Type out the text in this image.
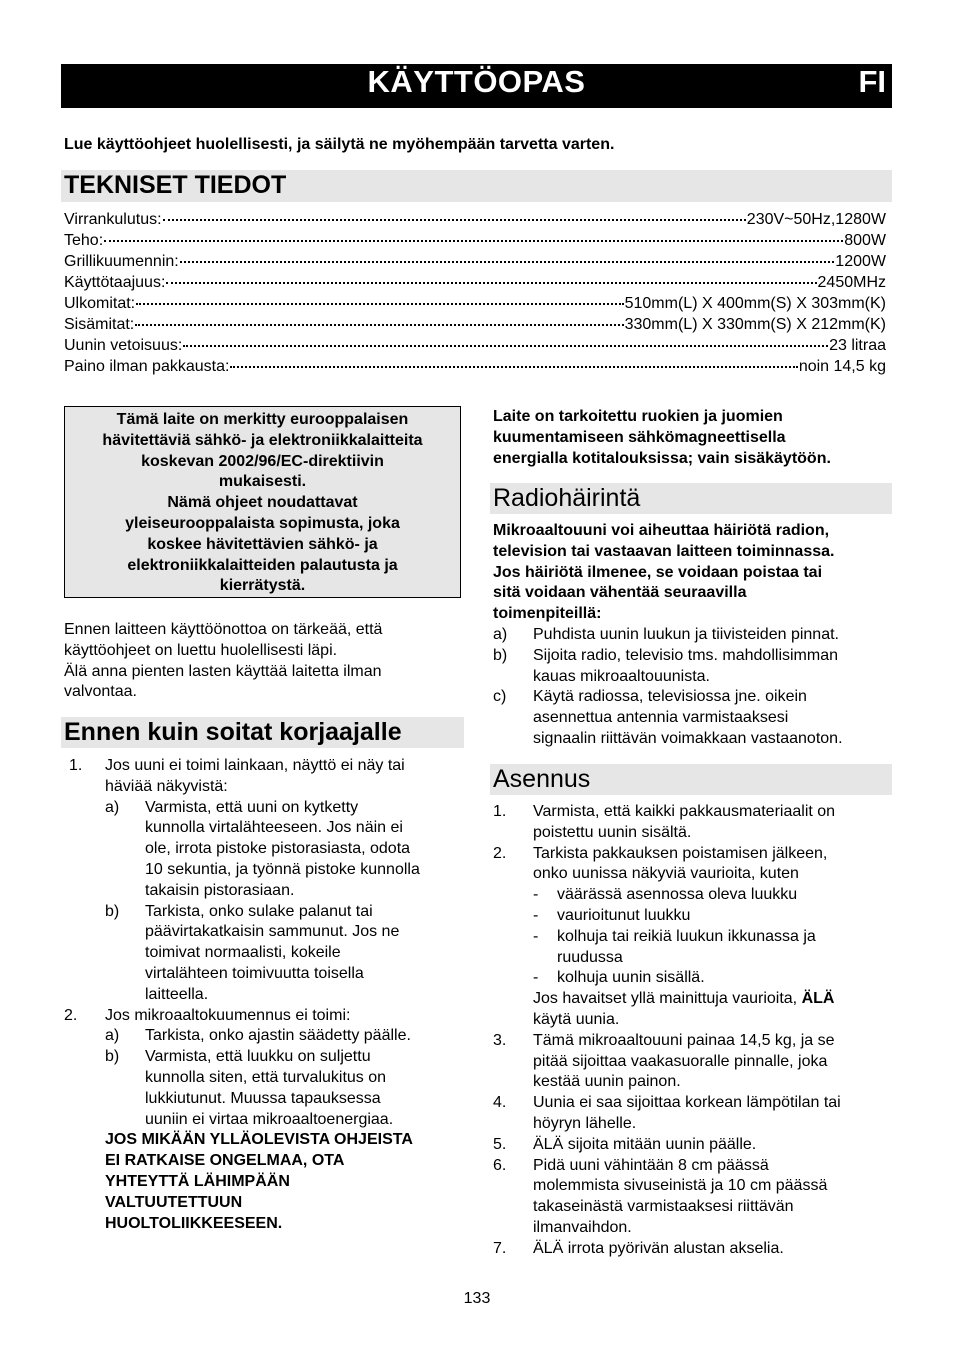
KÄYTTÖOPAS	FI
Lue käyttöohjeet huolellisesti, ja säilytä ne myöhempään tarvetta varten.
TEKNISET TIEDOT
Virrankulutus:	230V~50Hz,1280W
Teho:	800W
Grillikuumennin:	1200W
Käyttötaajuus:	2450MHz
Ulkomitat:	510mm(L) X 400mm(S) X 303mm(K)
Sisämitat:	330mm(L) X 330mm(S) X 212mm(K)
Uunin vetoisuus:	23 litraa
Paino ilman pakkausta:	noin 14,5 kg
Tämä laite on merkitty eurooppalaisen
hävitettäviä sähkö- ja elektroniikkalaitteita
koskevan 2002/96/EC-direktiivin
mukaisesti.
Nämä ohjeet noudattavat
yleiseurooppalaista sopimusta, joka
koskee hävitettävien sähkö- ja
elektroniikkalaitteiden palautusta ja
kierrätystä.
Ennen laitteen käyttöönottoa on tärkeää, että
käyttöohjeet on luettu huolellisesti läpi.
Älä anna pienten lasten käyttää laitetta ilman
valvontaa.
Ennen kuin soitat korjaajalle
1. Jos uuni ei toimi lainkaan, näyttö ei näy tai
häviää näkyvistä:
a) Varmista, että uuni on kytketty
kunnolla virtalähteeseen. Jos näin ei
ole, irrota pistoke pistorasiasta, odota
10 sekuntia, ja työnnä pistoke kunnolla
takaisin pistorasiaan.
b) Tarkista, onko sulake palanut tai
päävirtakatkaisin sammunut. Jos ne
toimivat normaalisti, kokeile
virtalähteen toimivuutta toisella
laitteella.
2. Jos mikroaaltokuumennus ei toimi:
a) Tarkista, onko ajastin säädetty päälle.
b) Varmista, että luukku on suljettu
kunnolla siten, että turvalukitus on
lukkiutunut. Muussa tapauksessa
uuniin ei virtaa mikroaaltoenergiaa.
JOS MIKÄÄN YLLÄOLEVISTA OHJEISTA
EI RATKAISE ONGELMAA, OTA
YHTEYTTÄ LÄHIMPÄÄN
VALTUUTETTUUN
HUOLTOLIIKKEESEEN.
Laite on tarkoitettu ruokien ja juomien
kuumentamiseen sähkömagneettisella
energialla kotitalouksissa; vain sisäkäytöön.
Radiohäirintä
Mikroaaltouuni voi aiheuttaa häiriötä radion,
television tai vastaavan laitteen toiminnassa.
Jos häiriötä ilmenee, se voidaan poistaa tai
sitä voidaan vähentää seuraavilla
toimenpiteillä:
a) Puhdista uunin luukun ja tiivisteiden pinnat.
b) Sijoita radio, televisio tms. mahdollisimman
kauas mikroaaltouunista.
c) Käytä radiossa, televisiossa jne. oikein
asennettua antennia varmistaaksesi
signaalin riittävän voimakkaan vastaanoton.
Asennus
1. Varmista, että kaikki pakkausmateriaalit on
poistettu uunin sisältä.
2. Tarkista pakkauksen poistamisen jälkeen,
onko uunissa näkyviä vaurioita, kuten
- väärässä asennossa oleva luukku
- vaurioitunut luukku
- kolhuja tai reikiä luukun ikkunassa ja
ruudussa
- kolhuja uunin sisällä.
Jos havaitset yllä mainittuja vaurioita, ÄLÄ
käytä uunia.
3. Tämä mikroaaltouuni painaa 14,5 kg, ja se
pitää sijoittaa vaakasuoralle pinnalle, joka
kestää uunin painon.
4. Uunia ei saa sijoittaa korkean lämpötilan tai
höyryn lähelle.
5. ÄLÄ sijoita mitään uunin päälle.
6. Pidä uuni vähintään 8 cm päässä
molemmista sivuseinistä ja 10 cm päässä
takaseinästä varmistaaksesi riittävän
ilmanvaihdon.
7. ÄLÄ irrota pyörivän alustan akselia.
133
